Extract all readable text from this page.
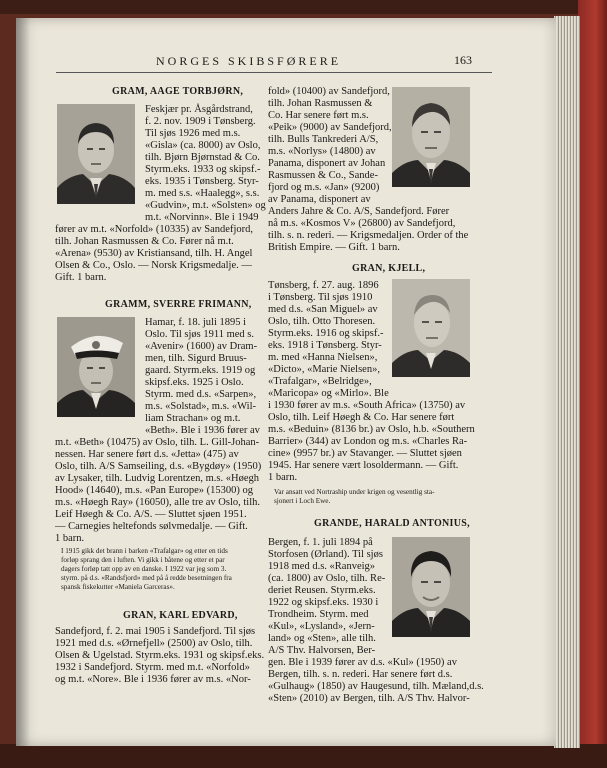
NORGES SKIBSFØRERE	163
GRAM, AAGE TORBJØRN,
Feskjær pr. Åsgårdstrand,
f. 2. nov. 1909 i Tønsberg.
Til sjøs 1926 med m.s.
«Gisla» (ca. 8000) av Oslo,
tilh. Bjørn Bjørnstad & Co.
Styrm.eks. 1933 og skipsf.-
eks. 1935 i Tønsberg. Styr-
m. med s.s. «Haalegg», s.s.
«Gudvin», m.t. «Solsten» og
m.t. «Norvinn». Ble i 1949
fører av m.t. «Norfold» (10335) av Sandefjord,
tilh. Johan Rasmussen & Co. Fører nå m.t.
«Arena» (9530) av Kristiansand, tilh. H. Angel
Olsen & Co., Oslo. — Norsk Krigsmedalje. —
Gift. 1 barn.
GRAMM, SVERRE FRIMANN,
Hamar, f. 18. juli 1895 i
Oslo. Til sjøs 1911 med s.
«Avenir» (1600) av Dram-
men, tilh. Sigurd Bruus-
gaard. Styrm.eks. 1919 og
skipsf.eks. 1925 i Oslo.
Styrm. med d.s. «Sarpen»,
m.s. «Solstad», m.s. «Wil-
liam Strachan» og m.t.
«Beth». Ble i 1936 fører av
m.t. «Beth» (10475) av Oslo, tilh. L. Gill-Johan-
nessen. Har senere ført d.s. «Jetta» (475) av
Oslo, tilh. A/S Samseiling, d.s. «Bygdøy» (1950)
av Lysaker, tilh. Ludvig Lorentzen, m.s. «Høegh
Hood» (14640), m.s. «Pan Europe» (15300) og
m.s. «Høegh Ray» (16050), alle tre av Oslo, tilh.
Leif Høegh & Co. A/S. — Sluttet sjøen 1951.
— Carnegies heltefonds sølvmedalje. — Gift.
1 barn.
I 1915 gikk det brann i barken «Trafalgar» og etter en tids
forløp sprang den i luften. Vi gikk i båtene og etter et par
dagers forløp tatt opp av en danske. I 1922 var jeg som 3.
styrm. på d.s. «Randsfjord» med på å redde besetningen fra
spansk fiskekutter «Maniela Garceras».
GRAN, KARL EDVARD,
Sandefjord, f. 2. mai 1905 i Sandefjord. Til sjøs
1921 med d.s. «Ørnefjell» (2500) av Oslo, tilh.
Olsen & Ugelstad. Styrm.eks. 1931 og skipsf.eks.
1932 i Sandefjord. Styrm. med m.t. «Norfold»
og m.t. «Nore». Ble i 1936 fører av m.s. «Nor-
fold» (10400) av Sandefjord,
tilh. Johan Rasmussen &
Co. Har senere ført m.s.
«Peik» (9000) av Sandefjord,
tilh. Bulls Tankrederi A/S,
m.s. «Norlys» (14800) av
Panama, disponert av Johan
Rasmussen & Co., Sande-
fjord og m.s. «Jan» (9200)
av Panama, disponert av
Anders Jahre & Co. A/S, Sandefjord. Fører
nå m.s. «Kosmos V» (26800) av Sandefjord,
tilh. s. n. rederi. — Krigsmedaljen. Order of the
British Empire. — Gift. 1 barn.
GRAN, KJELL,
Tønsberg, f. 27. aug. 1896
i Tønsberg. Til sjøs 1910
med d.s. «San Miguel» av
Oslo, tilh. Otto Thoresen.
Styrm.eks. 1916 og skipsf.-
eks. 1918 i Tønsberg. Styr-
m. med «Hanna Nielsen»,
«Dicto», «Marie Nielsen»,
«Trafalgar», «Belridge»,
«Maricopa» og «Mirlo». Ble
i 1930 fører av m.s. «South Africa» (13750) av
Oslo, tilh. Leif Høegh & Co. Har senere ført
m.s. «Beduin» (8136 br.) av Oslo, h.b. «Southern
Barrier» (344) av London og m.s. «Charles Ra-
cine» (9957 br.) av Stavanger. — Sluttet sjøen
1945. Har senere vært losoldermann. — Gift.
1 barn.
Var ansatt ved Nortraship under krigen og vesentlig sta-
sjonert i Loch Ewe.
GRANDE, HARALD ANTONIUS,
Bergen, f. 1. juli 1894 på
Storfosen (Ørland). Til sjøs
1918 med d.s. «Ranveig»
(ca. 1800) av Oslo, tilh. Re-
deriet Reusen. Styrm.eks.
1922 og skipsf.eks. 1930 i
Trondheim. Styrm. med
«Kul», «Lysland», «Jern-
land» og «Sten», alle tilh.
A/S Thv. Halvorsen, Ber-
gen. Ble i 1939 fører av d.s. «Kul» (1950) av
Bergen, tilh. s. n. rederi. Har senere ført d.s.
«Gulhaug» (1850) av Haugesund, tilh. Mæland,d.s.
«Sten» (2010) av Bergen, tilh. A/S Thv. Halvor-
